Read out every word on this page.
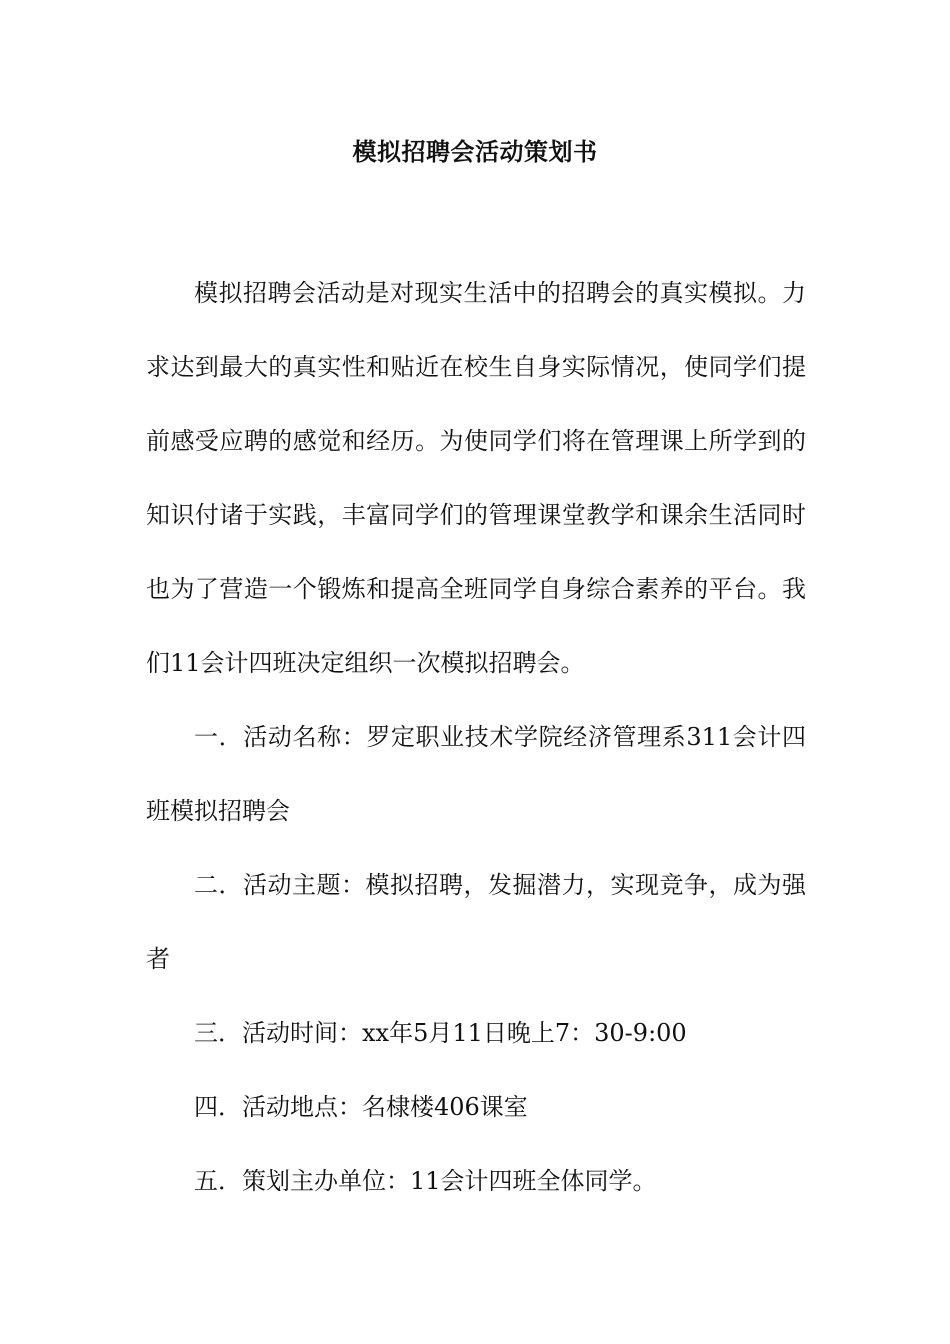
模拟招聘会活动策划书

模拟招聘会活动是对现实生活中的招聘会的真实模拟。力求达到最大的真实性和贴近在校生自身实际情况，使同学们提前感受应聘的感觉和经历。为使同学们将在管理课上所学到的知识付诸于实践，丰富同学们的管理课堂教学和课余生活同时也为了营造一个锻炼和提高全班同学自身综合素养的平台。我们11会计四班决定组织一次模拟招聘会。

一．活动名称：罗定职业技术学院经济管理系311会计四班模拟招聘会

二．活动主题：模拟招聘，发掘潜力，实现竞争，成为强者

三．活动时间：xx年5月11日晚上7：30-9:00

四．活动地点：名棣楼406课室

五．策划主办单位：11会计四班全体同学。
